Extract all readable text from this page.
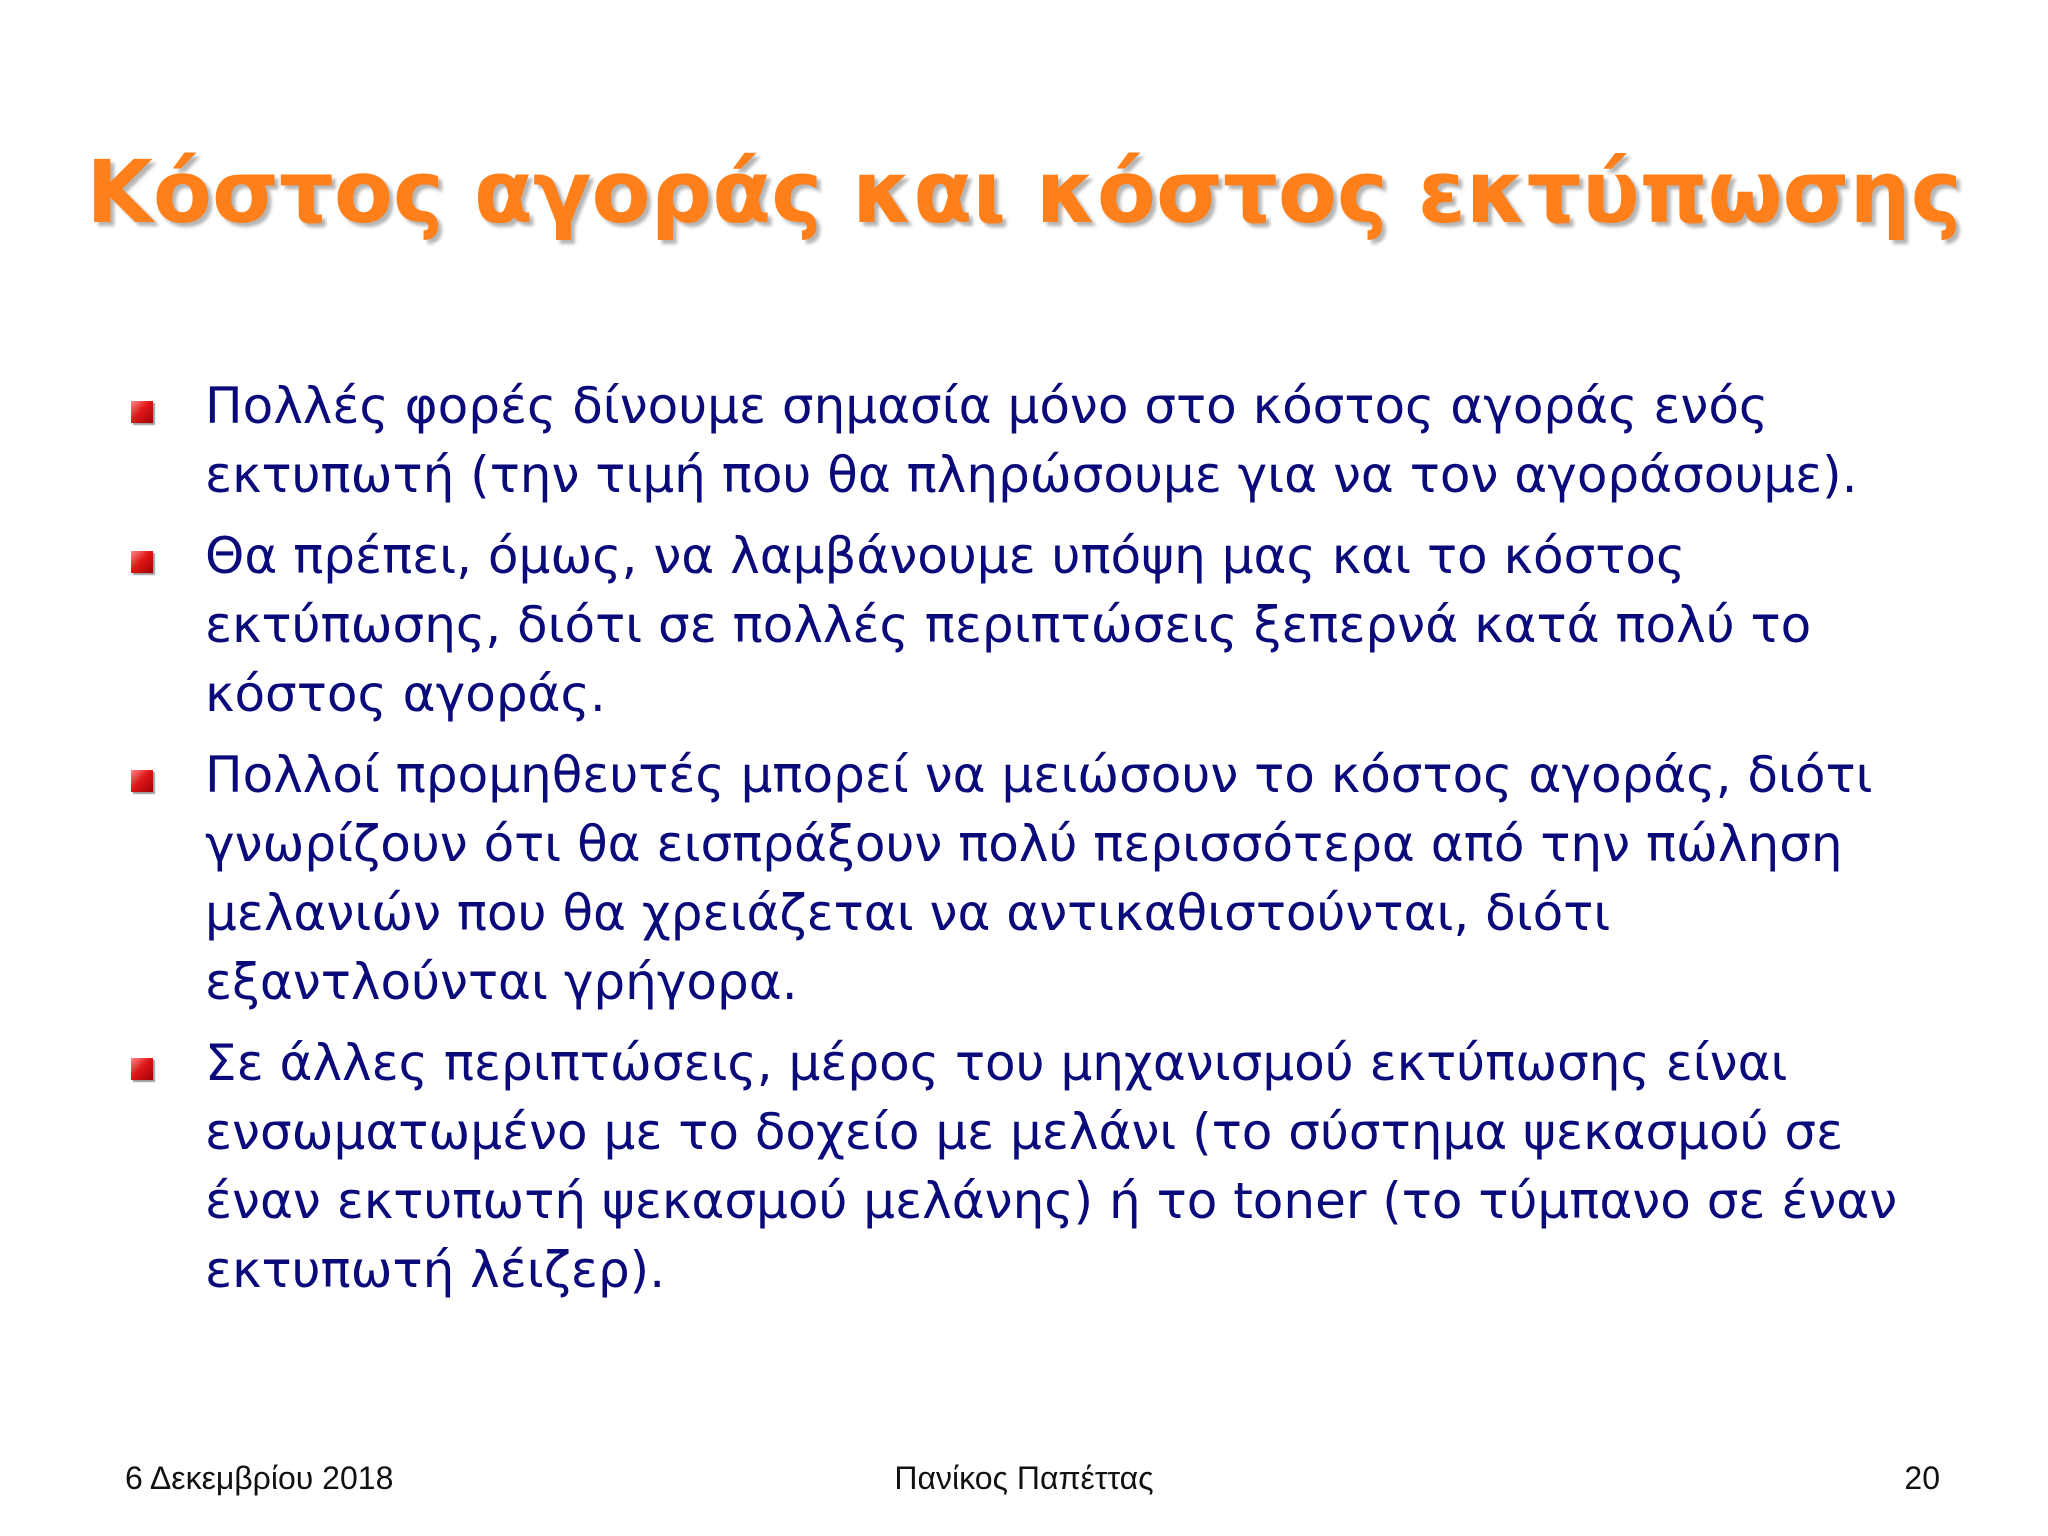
Κόστος αγοράς και κόστος εκτύπωσης
Πολλές φορές δίνουμε σημασία μόνο στο κόστος αγοράς ενός εκτυπωτή (την τιμή που θα πληρώσουμε για να τον αγοράσουμε).
Θα πρέπει, όμως, να λαμβάνουμε υπόψη μας και το κόστος εκτύπωσης, διότι σε πολλές περιπτώσεις ξεπερνά κατά πολύ το κόστος αγοράς.
Πολλοί προμηθευτές μπορεί να μειώσουν το κόστος αγοράς, διότι γνωρίζουν ότι θα εισπράξουν πολύ περισσότερα από την πώληση μελανιών που θα χρειάζεται να αντικαθιστούνται, διότι εξαντλούνται γρήγορα.
Σε άλλες περιπτώσεις, μέρος του μηχανισμού εκτύπωσης είναι ενσωματωμένο με το δοχείο με μελάνι (το σύστημα ψεκασμού σε έναν εκτυπωτή ψεκασμού μελάνης) ή το toner (το τύμπανο σε έναν εκτυπωτή λέιζερ).
6 Δεκεμβρίου 2018	Πανίκος Παπέττας	20
